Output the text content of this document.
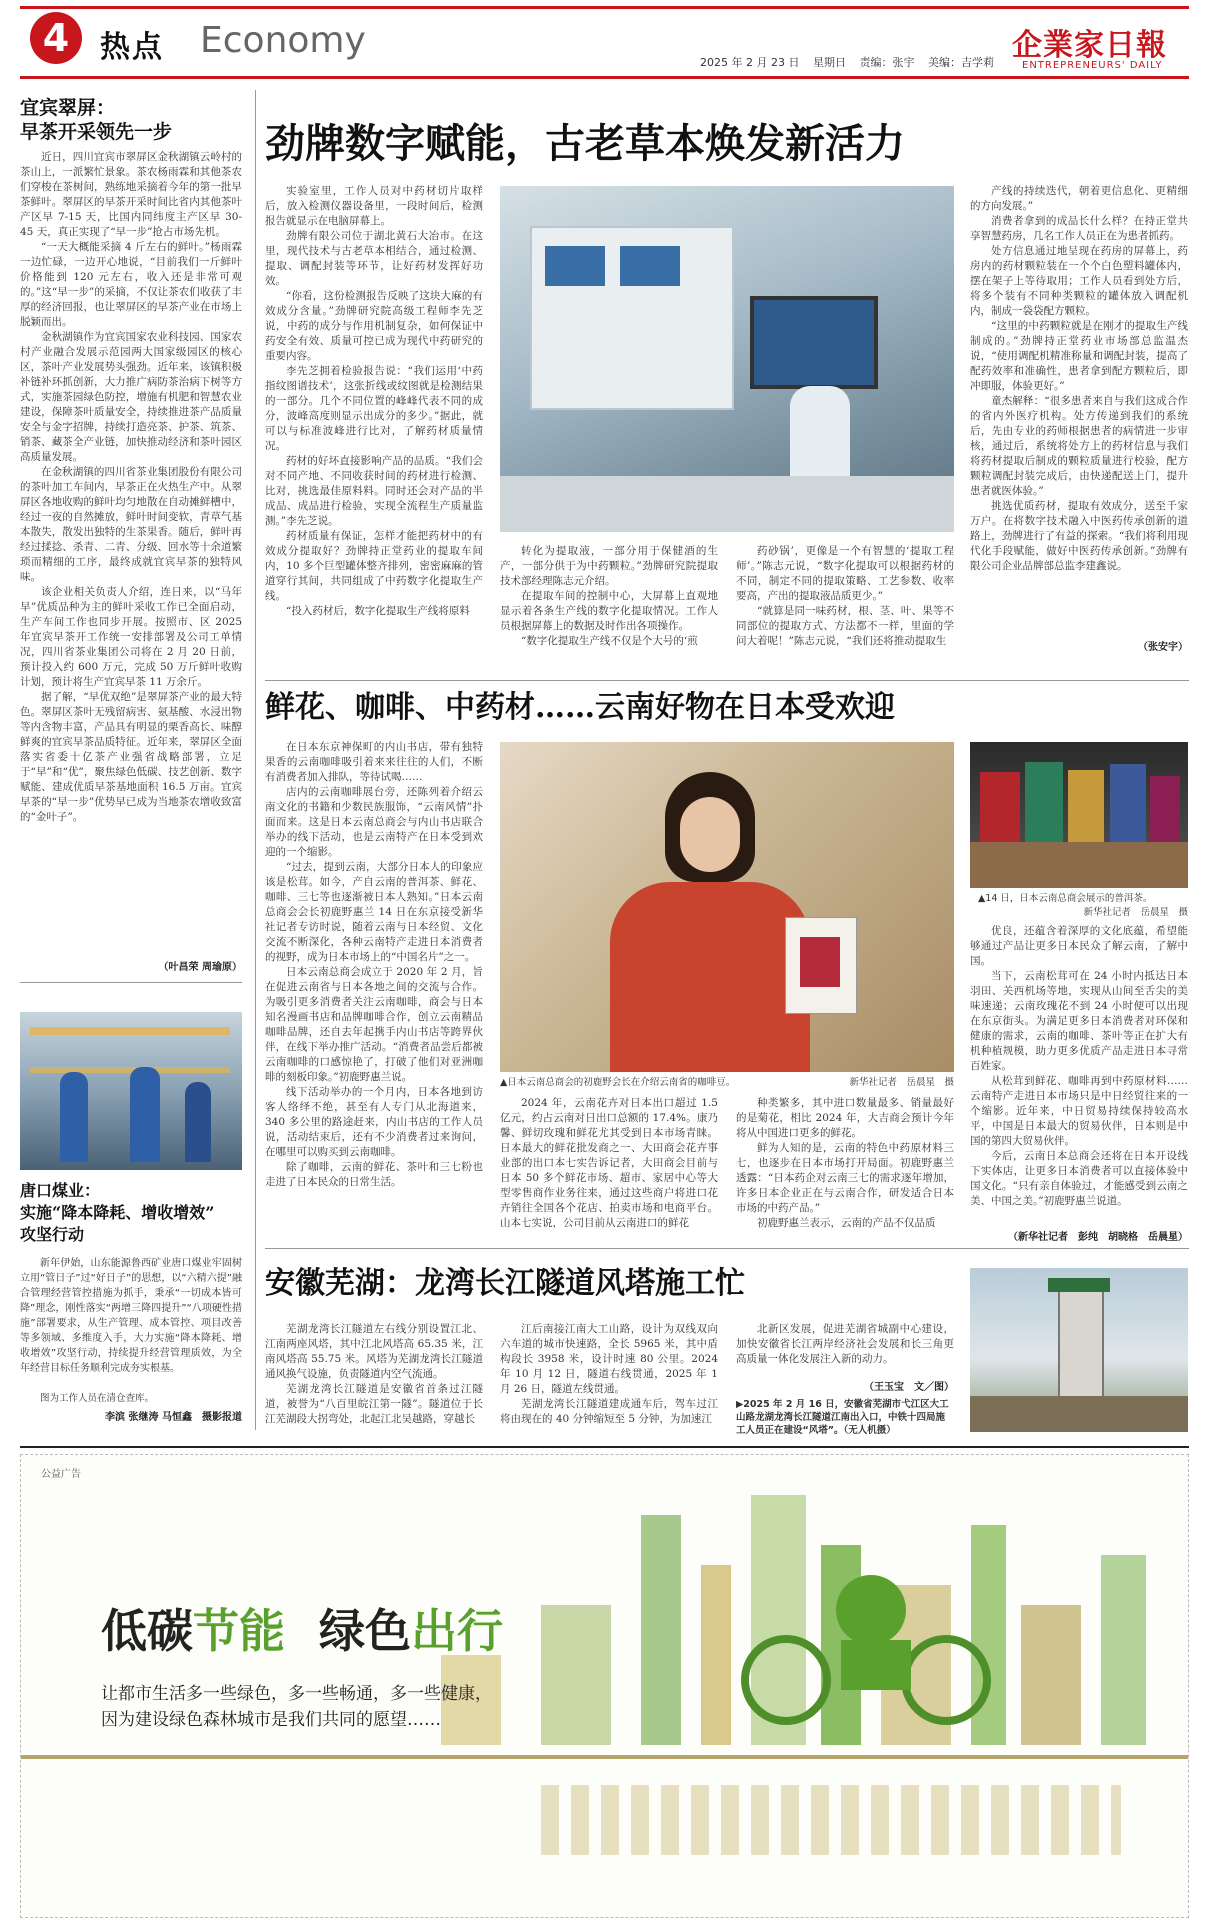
4 热点 Economy
2025 年 2 月 23 日 星期日 责编：张宇 美编：吉学莉 企業家日報
ENTREPRENEURS' DAILY
宜宾翠屏：
早茶开采领先一步

近日，四川宜宾市翠屏区金秋湖镇云岭村的茶山上，一派繁忙景象。茶农杨雨霖和其他茶农们穿梭在茶树间，熟练地采摘着今年的第一批早茶鲜叶。翠屏区的早茶开采时间比省内其他茶叶产区早 7-15 天，比国内同纬度主产区早 30- 45 天，真正实现了“早一步”抢占市场先机。

“一天大概能采摘 4 斤左右的鲜叶。”杨雨霖一边忙碌，一边开心地说，“目前我们一斤鲜叶价格能到 120 元左右，收入还是非常可观的。”这“早一步”的采摘，不仅让茶农们收获了丰厚的经济回报，也让翠屏区的早茶产业在市场上脱颖而出。

金秋湖镇作为宜宾国家农业科技园、国家农村产业融合发展示范园两大国家级园区的核心区，茶叶产业发展势头强劲。近年来，该镇积极补链补环抓创新，大力推广病防茶治病下树等方式，实施茶园绿色防控，增施有机肥和智慧农业建设，保障茶叶质量安全，持续推进茶产品质量安全与金字招牌，持续打造亮茶、护茶、筑茶、销茶、藏茶全产业链，加快推动经济和茶叶园区高质量发展。

在金秋湖镇的四川省茶业集团股份有限公司的茶叶加工车间内，早茶正在火热生产中。从翠屏区各地收购的鲜叶均匀地散在自动摊鲜槽中，经过一夜的自然摊放，鲜叶时间变软，青草气基本散失，散发出独特的生茶果香。随后，鲜叶再经过揉捻、杀青、二青、分级、回水等十余道繁琐而精细的工序，最终成就宜宾早茶的独特风味。

该企业相关负责人介绍，连日来，以“马年早”优质品种为主的鲜叶采收工作已全面启动，生产车间工作也同步开展。按照市、区 2025 年宜宾早茶开工作统一安排部署及公司工单情况，四川省茶业集团公司将在 2 月 20 日前，预计投入约 600 万元，完成 50 万斤鲜叶收购计划，预计将生产宜宾早茶 11 万余斤。

据了解，“早优双绝”是翠屏茶产业的最大特色。翠屏区茶叶无残留病害、氨基酸、水浸出物等内含物丰富，产品具有明显的栗香高长、味醇鲜爽的宜宾早茶品质特征。近年来，翠屏区全面落实省委十亿茶产业强省战略部署，立足于“早”和“优”，聚焦绿色低碳、技艺创新、数字赋能、建成优质早茶基地面积 16.5 万亩。宜宾早茶的“早一步”优势早已成为当地茶农增收致富的“金叶子”。

（叶昌荣 周瑜原）
唐口煤业：
实施“降本降耗、增收增效”
攻坚行动

新年伊始，山东能源鲁西矿业唐口煤业牢固树立用“管日子”过“好日子”的思想，以“六精六提”融合管理经营管控措施为抓手，秉承“一切成本皆可降”理念，刚性落实“两增三降四提升”“八项硬性措施”部署要求，从生产管理、成本管控、项目改善等多领域、多维度入手，大力实施“降本降耗、增收增效”攻坚行动，持续提升经营管理质效，为全年经营目标任务顺利完成夯实根基。

图为工作人员在清仓查库。
李滨 张继涛 马恒鑫　摄影报道
劲牌数字赋能，古老草本焕发新活力

实验室里，工作人员对中药材切片取样后，放入检测仪器设备里，一段时间后，检测报告就显示在电脑屏幕上。

劲牌有限公司位于湖北黄石大冶市。在这里，现代技术与古老草本相结合，通过检测、提取、调配封装等环节，让好药材发挥好功效。

“你看，这份检测报告反映了这块大麻的有效成分含量。”劲牌研究院高级工程师李先芝说，中药的成分与作用机制复杂，如何保证中药安全有效、质量可控已成为现代中药研究的重要内容。

李先芝拥着检验报告说：“我们运用‘中药指纹图谱技术’，这张折线或纹图就是检测结果的一部分。几个不同位置的峰峰代表不同的成分，波峰高度则显示出成分的多少。”据此，就可以与标准波峰进行比对，了解药材质量情况。

药材的好坏直接影响产品的品质。“我们会对不同产地、不同收获时间的药材进行检测、比对，挑选最佳原料料。同时还会对产品的半成品、成品进行检验，实现全流程生产质量监测。”李先芝说。

药材质量有保证，怎样才能把药材中的有效成分提取好？劲牌持正堂药业的提取车间内，10 多个巨型罐体整齐排列，密密麻麻的管道穿行其间，共同组成了中药数字化提取生产线。

“投入药材后，数字化提取生产线将原料

转化为提取液，一部分用于保健酒的生产，一部分供于为中药颗粒。”劲牌研究院提取技术部经理陈志元介绍。

在提取车间的控制中心，大屏幕上直观地显示着各条生产线的数字化提取情况。工作人员根据屏幕上的数据及时作出各项操作。

“数字化提取生产线不仅是个大号的‘煎

药砂锅’，更像是一个有智慧的‘提取工程师’。”陈志元说，“数字化提取可以根据药材的不同，制定不同的提取策略、工艺参数、收率要高，产出的提取液品质更少。”

“就算是同一味药材，根、茎、叶、果等不同部位的提取方式、方法都不一样，里面的学问大着呢！”陈志元说，“我们还将推动提取生

产线的持续迭代，朝着更信息化、更精细的方向发展。”

消费者拿到的成品长什么样？在持正堂共享智慧药房，几名工作人员正在为患者抓药。

处方信息通过地呈现在药房的屏幕上，药房内的药材颗粒装在一个个白色塑料罐体内，摆在架子上等待取用；工作人员看到处方后，将多个装有不同种类颗粒的罐体放入调配机内，制成一袋袋配方颗粒。

“这里的中药颗粒就是在刚才的提取生产线制成的。”劲牌持正堂药业市场部总监温杰说，“使用调配机精准称量和调配封装，提高了配药效率和准确性，患者拿到配方颗粒后，即冲即服，体验更好。”

童杰解释：“很多患者来自与我们这成合作的省内外医疗机构。处方传递到我们的系统后，先由专业的药师根据患者的病情进一步审核，通过后，系统将处方上的药材信息与我们将药材提取后制成的颗粒质量进行校验，配方颗粒调配封装完成后，由快递配送上门，提升患者就医体验。”

挑选优质药材，提取有效成分，送至千家万户。在将数字技术融入中医药传承创新的道路上，劲牌进行了有益的探索。“我们将利用现代化手段赋能，做好中医药传承创新。”劲牌有限公司企业品牌部总监李建鑫说。

（张安宇）
鲜花、咖啡、中药材……云南好物在日本受欢迎

在日本东京神保町的内山书店，带有独特果香的云南咖啡吸引着来来往往的人们，不断有消费者加入排队，等待试喝……

店内的云南咖啡展台旁，还陈列着介绍云南文化的书籍和少数民族服饰，“云南风情”扑面而来。这是日本云南总商会与内山书店联合举办的线下活动，也是云南特产在日本受到欢迎的一个缩影。

“过去，提到云南，大部分日本人的印象应该是松茸。如今，产自云南的普洱茶、鲜花、咖啡、三七等也逐渐被日本人熟知。”日本云南总商会会长初鹿野惠兰 14 日在东京接受新华社记者专访时说，随着云南与日本经贸、文化交流不断深化，各种云南特产走进日本消费者的视野，成为日本市场上的“中国名片”之一。

日本云南总商会成立于 2020 年 2 月，旨在促进云南省与日本各地之间的交流与合作。为吸引更多消费者关注云南咖啡，商会与日本知名漫画书店和品牌咖啡合作，创立云南精品咖啡品牌，还自去年起携手内山书店等跨界伙伴，在线下举办推广活动。“消费者品尝后都被云南咖啡的口感惊艳了，打破了他们对亚洲咖啡的刻板印象。”初鹿野惠兰说。

线下活动举办的一个月内，日本各地到访客人络绎不绝，甚至有人专门从北海道来，340 多公里的路途赶来，内山书店的工作人员说，活动结束后，还有不少消费者过来询问，在哪里可以购买到云南咖啡。

除了咖啡，云南的鲜花、茶叶和三七粉也走进了日本民众的日常生活。

▲日本云南总商会的初鹿野会长在介绍云南省的咖啡豆。	新华社记者　岳晨星　摄

2024 年，云南花卉对日本出口超过 1.5 亿元，约占云南对日出口总额的 17.4%。康乃馨、鲜切玫瑰和鲜花尤其受到日本市场青睐。日本最大的鲜花批发商之一、大田商会花卉事业部的出口本七实告诉记者，大田商会目前与日本 50 多个鲜花市场、超市、家居中心等大型零售商作业务往来，通过这些商户将进口花卉销往全国各个花店、拍卖市场和电商平台。山本七实说，公司目前从云南进口的鲜花

种类繁多，其中进口数量最多、销量最好的是菊花，相比 2024 年，大吉商会预计今年将从中国进口更多的鲜花。

鲜为人知的是，云南的特色中药原材料三七，也逐步在日本市场打开局面。初鹿野惠兰透露：“日本药企对云南三七的需求逐年增加，许多日本企业正在与云南合作，研发适合日本市场的中药产品。”

初鹿野惠兰表示，云南的产品不仅品质

▲14 日，日本云南总商会展示的普洱茶。
新华社记者　岳晨星　摄

优良，还蕴含着深厚的文化底蕴，希望能够通过产品让更多日本民众了解云南，了解中国。

当下，云南松茸可在 24 小时内抵达日本羽田、关西机场等地，实现从山间至舌尖的美味速递；云南玫瑰花不到 24 小时便可以出现在东京街头。为满足更多日本消费者对环保和健康的需求，云南的咖啡、茶叶等正在扩大有机种植规模，助力更多优质产品走进日本寻常百姓家。

从松茸到鲜花、咖啡再到中药原材料……云南特产走进日本市场只是中日经贸往来的一个缩影。近年来，中日贸易持续保持较高水平，中国是日本最大的贸易伙伴，日本则是中国的第四大贸易伙伴。

今后，云南日本总商会还将在日本开设线下实体店，让更多日本消费者可以直接体验中国文化。“只有亲自体验过，才能感受到云南之美、中国之美。”初鹿野惠兰说道。

（新华社记者　彭纯　胡晓格　岳晨星）
安徽芜湖：龙湾长江隧道风塔施工忙

芜湖龙湾长江隧道左右线分别设置江北、江南两座风塔，其中江北风塔高 65.35 米，江南风塔高 55.75 米。风塔为芜湖龙湾长江隧道通风换气设施，负责隧道内空气流通。

芜湖龙湾长江隧道是安徽省首条过江隧道，被誉为“八百里皖江第一隧”。隧道位于长江芜湖段大拐弯处，北起江北吴越路，穿越长

江后南接江南大工山路，设计为双线双向六车道的城市快速路，全长 5965 米，其中盾构段长 3958 米，设计时速 80 公里。2024 年 10 月 12 日，隧道右线贯通，2025 年 1 月 26 日，隧道左线贯通。

芜湖龙湾长江隧道建成通车后，驾车过江将由现在的 40 分钟缩短至 5 分钟，为加速江

北新区发展，促进芜湖省城副中心建设，加快安徽省长江两岸经济社会发展和长三角更高质量一体化发展注入新的动力。

（王玉宝　文／图）
▶2025 年 2 月 16 日，安徽省芜湖市弋江区大工山路龙湖龙湾长江隧道江南出入口，中铁十四局施工人员正在建设“风塔”。（无人机摄）
公益广告
低碳节能 绿色出行
让都市生活多一些绿色，多一些畅通，多一些健康，
因为建设绿色森林城市是我们共同的愿望……
